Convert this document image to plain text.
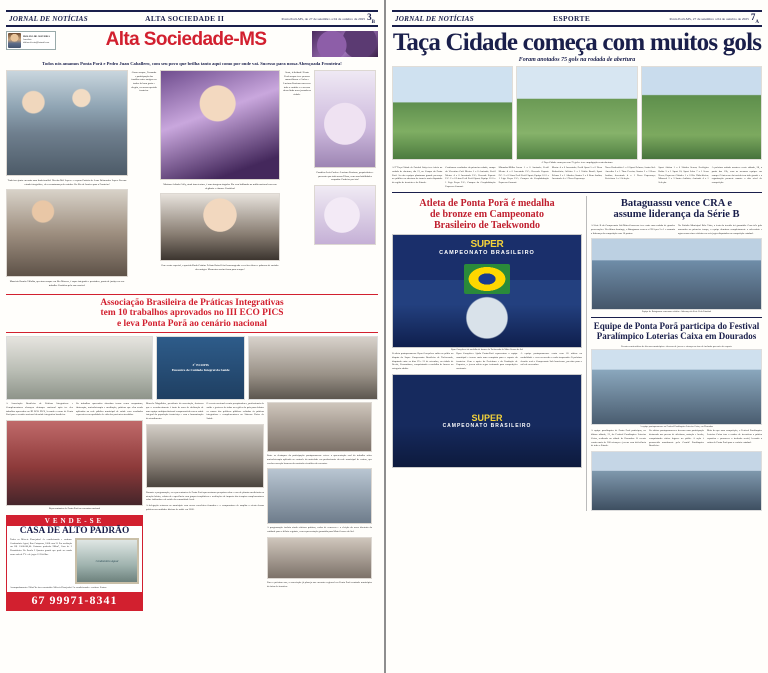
JORNAL DE NOTÍCIAS	ALTA SOCIEDADE II	Ponta Porã-MS, de 27 de setembro a 04 de outubro de 2025 $3_B$
IDALINA DE OLIVEIRA
Jornalista
idalina.oliveira@hotmail.com	Alta Sociedade-MS
Todos nós amamos Ponta Porã e Pedro Juan Caballero, com seu povo que brilha tanto aqui como por onde vai. Sucesso para nossa Abençoada Fronteira!
Tudo isso junto em mais uma linda família! Nicolas Mel Lopes e o esposo Patricia de Jesus Delmondes Lopes. Em um estudo fotográfico, eles encantaram pelo carinho. Do Rio de Janeiro para a Fronteira!
Mauricio Ramão Villalba, que atua sempre em Rio Moreno, é super integrado e prestativo, ponta de justiça em seu trabalho. Parabéns pela sua carreira!
Como sempre, Fernanda e participação das famílias entre amigos em tardes de bom gosto e alegria, em nossa querida fronteira.
Mariana Arlindo Colly, atual farm texture, é uma imagem singular. Ela vem brilhando na mídia nacional com sua elegância e charme. Parabéns!
Em evento especial, a querida Karla Cristine Felinto Rafaelli foi homenageada e recebeu flores e palavras de carinho dos amigos. Momentos assim ficam para sempre!
Sorte, felicidade! Ponta Porã sempre teve pessoas maravilhosas e Carlos e Luciana Praciano merecem todo o carinho e o sucesso dessa linda nova jornada na cidade.
Parabéns Luiz Carlos e Luciano Praciano, proprietários e presentes por toda nossa Filosa, com suas habilidades ocupadas. Pardeiro por isto!
Associação Brasileira de Práticas Integrativas
tem 10 trabalhos aprovados no III ECO PICS
e leva Ponta Porã ao cenário nacional
3º ECOPIS
Encontro de Cuidado Integral da Saúde
A Associação Brasileira de Práticas Integrativas e Complementares alcançou destaque nacional após ter dez trabalhos aprovados no III ECO PICS, levando o nome de Ponta Porã para o cenário nacional da saúde integrativa brasileira.
Os trabalhos aprovados abordam temas como acupuntura, fitoterapia, auriculoterapia e meditação, práticas que vêm sendo aplicadas na rede pública municipal de saúde com resultados expressivos na qualidade de vida dos pacientes atendidos.
Representantes de Ponta Porã no encontro nacional
VENDE-SE
CASA DE ALTO PADRÃO
Todos os Móveis Planejados! Ar condicionado e cortinas. Condomínio Aguaí, Rua Cataporas, 1608 com 3l. Por avaliação em R$ 1.500.000,00. Estamos podendo 980m², Casa de 2 Dormitórios No Escala 2 Quartos grande que pode ser usado como sala de TV e de jogos 12.30x28m.
Condomínio Aguaí
Acompanhamento 700m² de área construída. Móveis Planejados! Ar condicionado e cortinas. Exatas.
67 99971-8341
Marcela Magalhães, presidente da associação, destacou que o reconhecimento é fruto de anos de dedicação de uma equipe multiprofissional comprometida com a saúde integral da população fronteiriça e com a humanização do atendimento.
O evento nacional reuniu pesquisadores, profissionais de saúde e gestores de todas as regiões do país para debater os rumos das políticas públicas voltadas às práticas integrativas e complementares no Sistema Único de Saúde.
Durante a programação, os representantes de Ponta Porã apresentaram pesquisas sobre o uso de plantas medicinais na atenção básica, relatos de experiência com grupos terapêuticos e avaliações de impacto das terapias complementares sobre indicadores de saúde da comunidade local.
A delegação retornou ao município com novos convênios firmados e o compromisso de ampliar a oferta dessas práticas nas unidades básicas de saúde em 2026.
Entre os destaques da participação pontaporanense esteve a apresentação oral do trabalho sobre auriculoterapia aplicada ao controle da ansiedade em profissionais da rede municipal de ensino, que recebeu menção honrosa da comissão científica do encontro.
A programação incluiu ainda oficinas práticas, rodas de conversa e a eleição da nova diretoria da entidade para o biênio seguinte, com representação garantida para Mato Grosso do Sul.
Para o próximo ano, a associação já planeja um encontro regional em Ponta Porã reunindo municípios da faixa de fronteira.
JORNAL DE NOTÍCIAS	ESPORTE	Ponta Porã-MS, 27 de setembro a 04 de outubro de 2025 $7_A$
Taça Cidade começa com muitos gols
Foram anotados 75 gols na rodada de abertura
A Taça Cidade começou com 75 gols e teve empolgação nesta abertura
A 9ª Taça Cidade de Futebol Suíço teve início na rodada de abertura, dia 21, no Campo da Ponta Porã. As oito equipes plantaram grande presença no público na abertura do torneio mais disputado da região de fronteira e do Estado.
Confirmou resultados da primeira rodada, campo do Vicentino Café Mestre 1 x 0 Amizade; Perfil Mestre 4 x 0 Juventude F.C.; Resende Esporte F.C. 2 x 0 Lima Peril Perfil Sport; Equipe 10 0 x 1 Liga Prepa F.C.; Campos da Coophabitação Expressa Guarani.
Mirandos/Milha Inoxa 1 x 0 Amizade; Perfil Mestre 4 x 0 Juventude F.C.; Resende Esporte F.C. 2 x 0 Lima Peril Perfil Sport; Equipe 10 0 x 1 Liga Prepa F.C.; Campos da Coophabitação Expressa Guarani.
Mestre 4 x 0 Juventude; Perfil Sport 5 x 0 Nova Rodoviária; Atlético 3 x 1 União Brasil; Sport Zelmar 3 x 1 Aliados; Santos 2 x 0 Bom Jardim; Juventude 4 x 1 Nova Esperança.
Nova Rodoviária 1 x 0 Sport Zelmar; Assim Sul-Amerika 3 x 1 Time Pereira; Santos 2 x 2 Bom Jardim; Juventude 4 x 1 Nova Esperança; Prefeitura 1 x 1 Seleção.
Sport Adrian 1 x 0 Unidos Serras; Ecológica Bahia 3 x 1 Sport 10; Sport Lobo 7 x 1 Serra Nova; Expresso Cidades 1 x 0 Rio Hidrelétrica; Mirassol 2 x 3 Santo Antônio; Amizade 4 x 1 Seleção.
A próxima rodada acontece neste sábado, 28, a partir das 13h, com as mesmas equipes em campo. O interesse da torcida tem sido grande e a organização promete manter o alto nível de competição.
Atleta de Ponta Porã é medalha
de bronze em Campeonato
Brasileiro de Taekwondo
SUPER
CAMPEONATO BRASILEIRO
Ryan Gonçalves foi medalha de bronze do Taekwondo de Mato Grosso do Sul
O atleta pontaporanense Ryan Gonçalves subiu ao pódio na disputa do Super Campeonato Brasileiro de Taekwondo, disputado entre os dias 19 e 21 de setembro, na cidade de Recife, Pernambuco, conquistando a medalha de bronze na categoria adulto.
Ryan Gonçalves Ajada Ponta-Porã representou a equipe municipal e trouxe mais uma conquista para o esporte da fronteira. Com o apoio da Prefeitura e da Fundação de Esportes, o jovem atleta segue treinando para competições nacionais.
A equipe pontaporanense conta com 20 atletas na modalidade e vem crescendo a cada temporada. O próximo desafio será o Campeonato Sul-Americano, previsto para o mês de novembro.
SUPER
CAMPEONATO BRASILEIRO
Bataguassu vence CRA e
assume liderança da Série B
A Série B do Campeonato Sul-Mato-Grossense teve mais uma rodada de grandes provocações. No último domingo, o Bataguassu venceu o CRA por 3 a 1 e assumiu a liderança da competição com 10 pontos.
No Estádio Municipal Bela Vista, a festa da torcida foi garantida. Com três gols marcados no primeiro tempo, a equipe dominou completamente o adversário e agora soma cinco vitórias em seis jogos disputados na competição estadual.
Equipe de Bataguassu comemora vitória e liderança da Série B do Estadual
Equipe de Ponta Porã participa do Festival
Paralímpico Loterias Caixa em Dourados
Evento reuniu atletas de diversos municípios e dezenas de jovens e crianças na fase de inclusão por meio do esporte
A equipe pontaporanense no Festival Paralímpico Loterias Caixa, em Dourados
A equipe paralímpica de Ponta Porã participou, no último sábado, 21, do Festival Paralímpico Loterias Caixa, realizado na cidade de Dourados. O evento reuniu mais de 300 crianças e jovens com deficiência de todo o Estado.
Os atletas pontaporanenses tiveram uma participação destacada nas provas de atletismo, natação e bocha, conquistando vários lugares no pódio. A ação é promovida anualmente pelo Comitê Paralímpico Brasileiro.
Mais do que uma competição, o Festival Paralímpico Loterias Caixa tem o caráter de incentivar a prática esportiva e promover a inclusão social, levando a rotina de Ponta Porã para o cenário estadual.
